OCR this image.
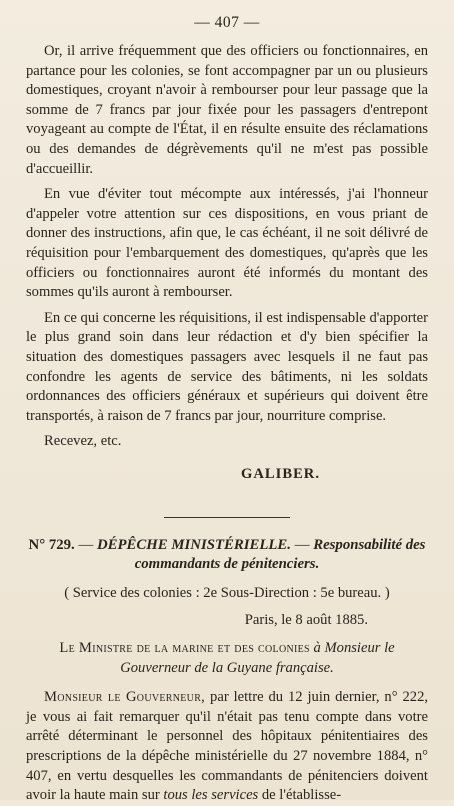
— 407 —

Or, il arrive fréquemment que des officiers ou fonctionnaires, en partance pour les colonies, se font accompagner par un ou plusieurs domestiques, croyant n'avoir à rembourser pour leur passage que la somme de 7 francs par jour fixée pour les passagers d'entrepont voyageant au compte de l'État, il en résulte ensuite des réclamations ou des demandes de dégrèvements qu'il ne m'est pas possible d'accueillir.

En vue d'éviter tout mécompte aux intéressés, j'ai l'honneur d'appeler votre attention sur ces dispositions, en vous priant de donner des instructions, afin que, le cas échéant, il ne soit délivré de réquisition pour l'embarquement des domestiques, qu'après que les officiers ou fonctionnaires auront été informés du montant des sommes qu'ils auront à rembourser.

En ce qui concerne les réquisitions, il est indispensable d'apporter le plus grand soin dans leur rédaction et d'y bien spécifier la situation des domestiques passagers avec lesquels il ne faut pas confondre les agents de service des bâtiments, ni les soldats ordonnances des officiers généraux et supérieurs qui doivent être transportés, à raison de 7 francs par jour, nourriture comprise.

Recevez, etc.

GALIBER.

N° 729. — DÉPÊCHE MINISTÉRIELLE. — Responsabilité des commandants de pénitenciers.

( Service des colonies : 2e Sous-Direction : 5e bureau. )
Paris, le 8 août 1885.

Le Ministre de la marine et des colonies à Monsieur le Gouverneur de la Guyane française.

Monsieur le Gouverneur, par lettre du 12 juin dernier, n° 222, je vous ai fait remarquer qu'il n'était pas tenu compte dans votre arrêté déterminant le personnel des hôpitaux pénitentiaires des prescriptions de la dépêche ministérielle du 27 novembre 1884, n° 407, en vertu desquelles les commandants de pénitenciers doivent avoir la haute main sur tous les services de l'établisse-
